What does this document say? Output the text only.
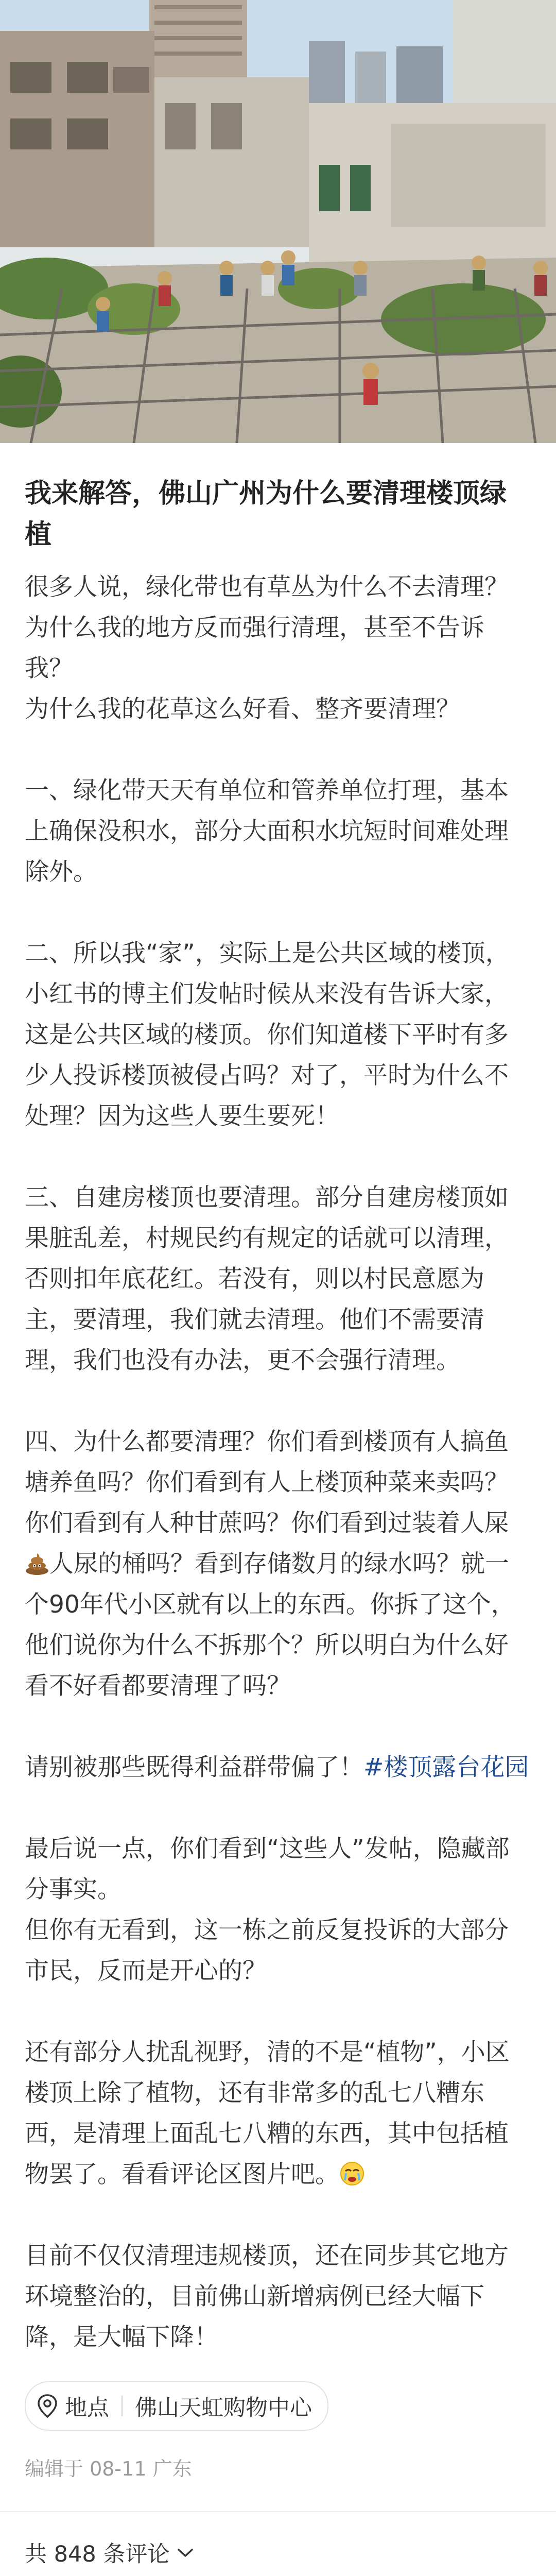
我来解答，佛山广州为什么要清理楼顶绿植
很多人说，绿化带也有草丛为什么不去清理？
为什么我的地方反而强行清理，甚至不告诉我？
为什么我的花草这么好看、整齐要清理？
一、绿化带天天有单位和管养单位打理，基本上确保没积水，部分大面积水坑短时间难处理除外。
二、所以我“家”，实际上是公共区域的楼顶，小红书的博主们发帖时候从来没有告诉大家，这是公共区域的楼顶。你们知道楼下平时有多少人投诉楼顶被侵占吗？对了，平时为什么不处理？因为这些人要生要死！
三、自建房楼顶也要清理。部分自建房楼顶如果脏乱差，村规民约有规定的话就可以清理，否则扣年底花红。若没有，则以村民意愿为主，要清理，我们就去清理。他们不需要清理，我们也没有办法，更不会强行清理。
四、为什么都要清理？你们看到楼顶有人搞鱼塘养鱼吗？你们看到有人上楼顶种菜来卖吗？你们看到有人种甘蔗吗？你们看到过装着人屎人尿的桶吗？看到存储数月的绿水吗？就一个90年代小区就有以上的东西。你拆了这个，他们说你为什么不拆那个？所以明白为什么好看不好看都要清理了吗？
请别被那些既得利益群带偏了！#楼顶露台花园
最后说一点，你们看到“这些人”发帖，隐藏部分事实。
但你有无看到，这一栋之前反复投诉的大部分市民，反而是开心的？
还有部分人扰乱视野，清的不是“植物”，小区楼顶上除了植物，还有非常多的乱七八糟东西，是清理上面乱七八糟的东西，其中包括植物罢了。看看评论区图片吧。
目前不仅仅清理违规楼顶，还在同步其它地方环境整治的，目前佛山新增病例已经大幅下降，是大幅下降！
地点 佛山天虹购物中心
编辑于 08-11 广东
共 848 条评论
